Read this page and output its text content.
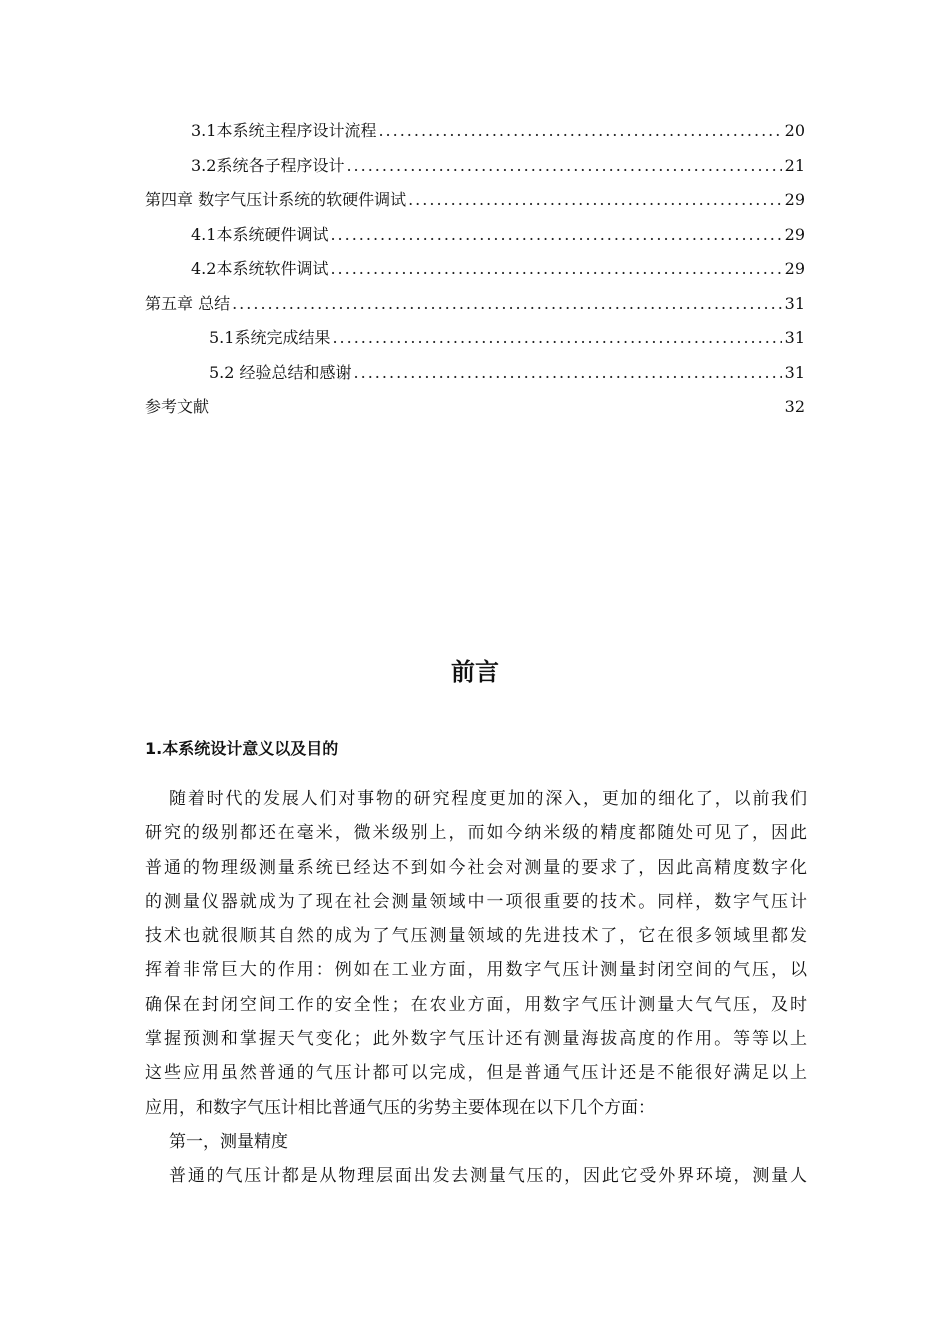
3.1本系统主程序设计流程 .....	20
3.2系统各子程序设计 .....	21
第四章 数字气压计系统的软硬件调试 .....	29
4.1本系统硬件调试 .....	29
4.2本系统软件调试 .....	29
第五章 总结 .....	31
5.1系统完成结果 .....	31
5.2 经验总结和感谢 .....	31
参考文献	32
前言
1.本系统设计意义以及目的
随着时代的发展人们对事物的研究程度更加的深入，更加的细化了，以前我们
研究的级别都还在毫米，微米级别上，而如今纳米级的精度都随处可见了，因此
普通的物理级测量系统已经达不到如今社会对测量的要求了，因此高精度数字化
的测量仪器就成为了现在社会测量领域中一项很重要的技术。同样，数字气压计
技术也就很顺其自然的成为了气压测量领域的先进技术了，它在很多领域里都发
挥着非常巨大的作用：例如在工业方面，用数字气压计测量封闭空间的气压，以
确保在封闭空间工作的安全性；在农业方面，用数字气压计测量大气气压，及时
掌握预测和掌握天气变化；此外数字气压计还有测量海拔高度的作用。等等以上
这些应用虽然普通的气压计都可以完成，但是普通气压计还是不能很好满足以上
应用，和数字气压计相比普通气压的劣势主要体现在以下几个方面：
第一，测量精度
普通的气压计都是从物理层面出发去测量气压的，因此它受外界环境，测量人
